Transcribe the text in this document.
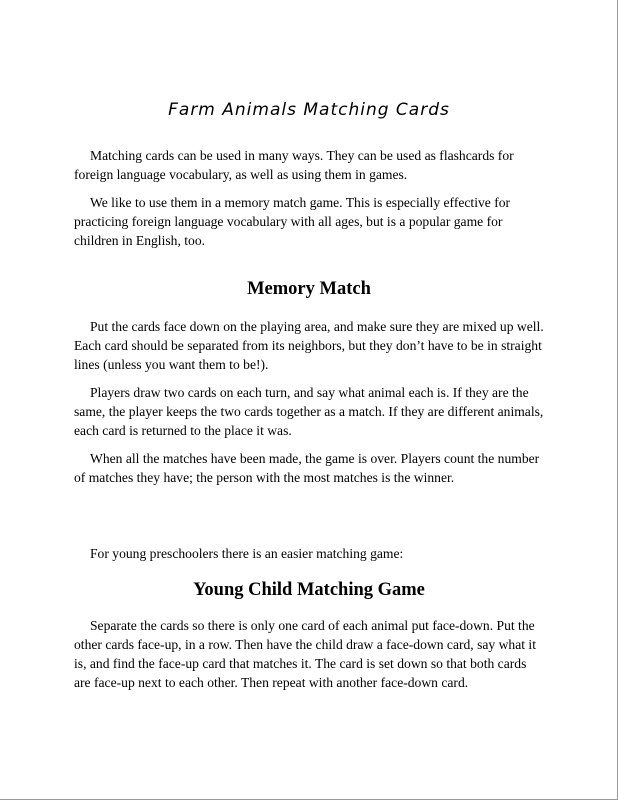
Farm Animals Matching Cards

Matching cards can be used in many ways. They can be used as flashcards for foreign language vocabulary, as well as using them in games.

We like to use them in a memory match game. This is especially effective for practicing foreign language vocabulary with all ages, but is a popular game for children in English, too.

Memory Match

Put the cards face down on the playing area, and make sure they are mixed up well. Each card should be separated from its neighbors, but they don’t have to be in straight lines (unless you want them to be!).

Players draw two cards on each turn, and say what animal each is. If they are the same, the player keeps the two cards together as a match. If they are different animals, each card is returned to the place it was.

When all the matches have been made, the game is over. Players count the number of matches they have; the person with the most matches is the winner.

For young preschoolers there is an easier matching game:

Young Child Matching Game

Separate the cards so there is only one card of each animal put face-down. Put the other cards face-up, in a row. Then have the child draw a face-down card, say what it is, and find the face-up card that matches it. The card is set down so that both cards are face-up next to each other. Then repeat with another face-down card.
